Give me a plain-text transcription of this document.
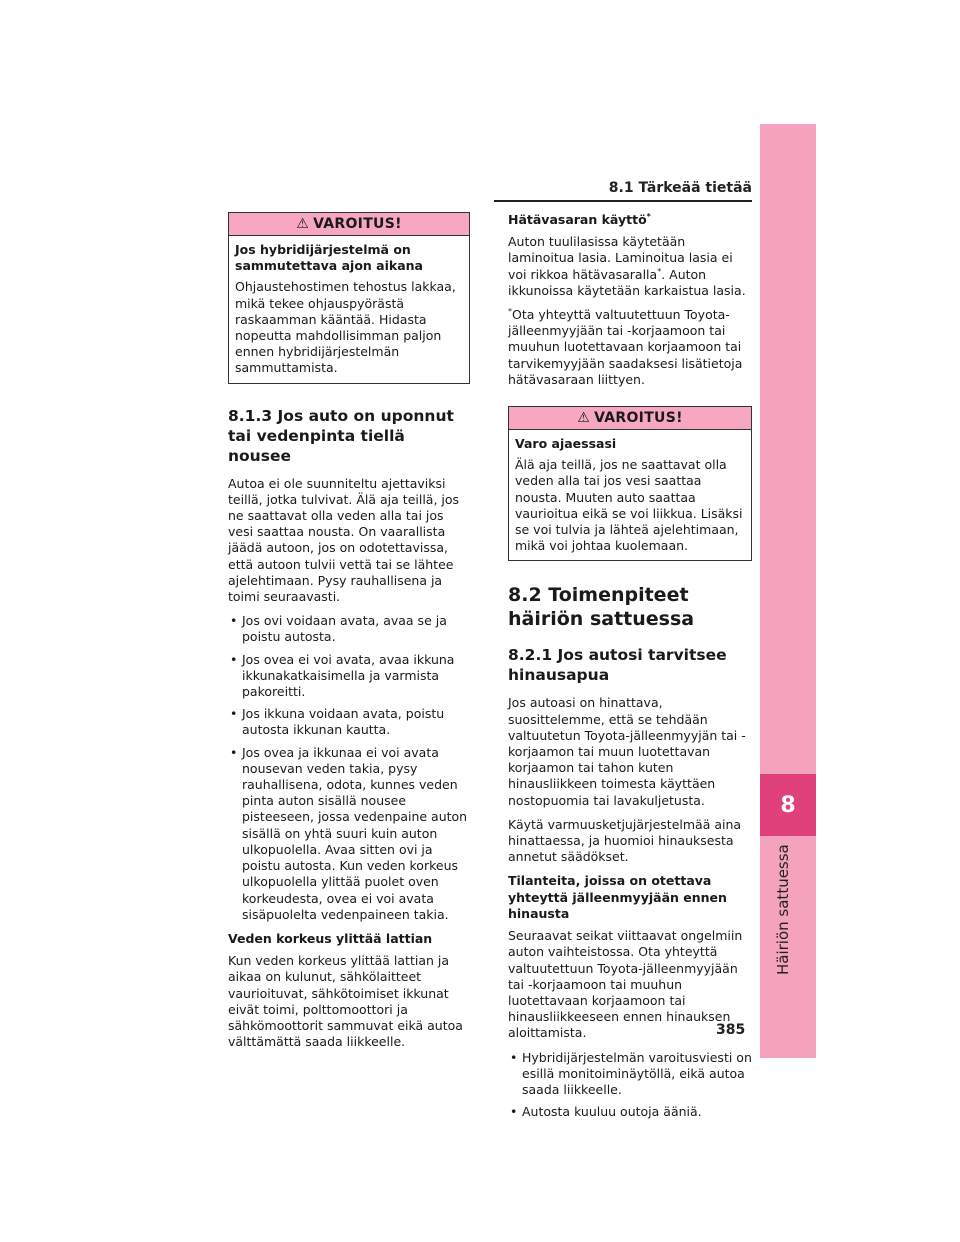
8
Häiriön sattuessa
8.1 Tärkeää tietää
⚠ VAROITUS!

Jos hybridijärjestelmä on sammutettava ajon aikana

Ohjaustehostimen tehostus lakkaa, mikä tekee ohjauspyörästä raskaamman kääntää. Hidasta nopeutta mahdollisimman paljon ennen hybridijärjestelmän sammuttamista.

8.1.3 Jos auto on uponnut tai vedenpinta tiellä nousee

Autoa ei ole suunniteltu ajettaviksi teillä, jotka tulvivat. Älä aja teillä, jos ne saattavat olla veden alla tai jos vesi saattaa nousta. On vaarallista jäädä autoon, jos on odotettavissa, että autoon tulvii vettä tai se lähtee ajelehtimaan. Pysy rauhallisena ja toimi seuraavasti.

• Jos ovi voidaan avata, avaa se ja poistu autosta.
• Jos ovea ei voi avata, avaa ikkuna ikkunakatkaisimella ja varmista pakoreitti.
• Jos ikkuna voidaan avata, poistu autosta ikkunan kautta.
• Jos ovea ja ikkunaa ei voi avata nousevan veden takia, pysy rauhallisena, odota, kunnes veden pinta auton sisällä nousee pisteeseen, jossa vedenpaine auton sisällä on yhtä suuri kuin auton ulkopuolella. Avaa sitten ovi ja poistu autosta. Kun veden korkeus ulkopuolella ylittää puolet oven korkeudesta, ovea ei voi avata sisäpuolelta vedenpaineen takia.

Veden korkeus ylittää lattian

Kun veden korkeus ylittää lattian ja aikaa on kulunut, sähkölaitteet vaurioituvat, sähkötoimiset ikkunat eivät toimi, polttomoottori ja sähkömoottorit sammuvat eikä autoa välttämättä saada liikkeelle.

Hätävasaran käyttö*

Auton tuulilasissa käytetään laminoitua lasia. Laminoitua lasia ei voi rikkoa hätävasaralla*. Auton ikkunoissa käytetään karkaistua lasia.

*Ota yhteyttä valtuutettuun Toyota-jälleenmyyjään tai -korjaamoon tai muuhun luotettavaan korjaamoon tai tarvikemyyjään saadaksesi lisätietoja hätävasaraan liittyen.

⚠ VAROITUS!

Varo ajaessasi

Älä aja teillä, jos ne saattavat olla veden alla tai jos vesi saattaa nousta. Muuten auto saattaa vaurioitua eikä se voi liikkua. Lisäksi se voi tulvia ja lähteä ajelehtimaan, mikä voi johtaa kuolemaan.

8.2 Toimenpiteet häiriön sattuessa
8.2.1 Jos autosi tarvitsee hinausapua

Jos autoasi on hinattava, suosittelemme, että se tehdään valtuutetun Toyota-jälleenmyyjän tai -korjaamon tai muun luotettavan korjaamon tai tahon kuten hinausliikkeen toimesta käyttäen nostopuomia tai lavakuljetusta.

Käytä varmuusketjujärjestelmää aina hinattaessa, ja huomioi hinauksesta annetut säädökset.

Tilanteita, joissa on otettava yhteyttä jälleenmyyjään ennen hinausta

Seuraavat seikat viittaavat ongelmiin auton vaihteistossa. Ota yhteyttä valtuutettuun Toyota-jälleenmyyjään tai -korjaamoon tai muuhun luotettavaan korjaamoon tai hinausliikkeeseen ennen hinauksen aloittamista.

• Hybridijärjestelmän varoitusviesti on esillä monitoiminäytöllä, eikä autoa saada liikkeelle.
• Autosta kuuluu outoja ääniä.
385
